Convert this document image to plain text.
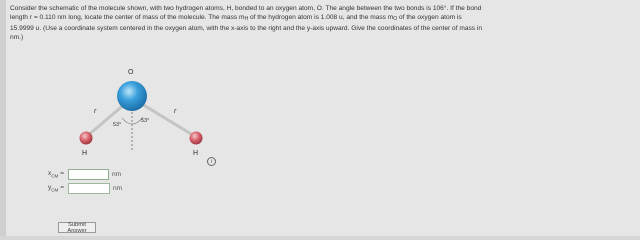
Consider the schematic of the molecule shown, with two hydrogen atoms, H, bonded to an oxygen atom, O. The angle between the two bonds is 106°. If the bond
length r = 0.110 nm long, locate the center of mass of the molecule. The mass $m_H$ of the hydrogen atom is 1.008 u, and the mass $m_O$ of the oxygen atom is
15.9999 u. (Use a coordinate system centered in the oxygen atom, with the x-axis to the right and the y-axis upward. Give the coordinates of the center of mass in
nm.)
O
H	H
r	r
53°
53°
i
$x_{CM}$ =	nm
$y_{CM}$ =	nm
Submit Answer
